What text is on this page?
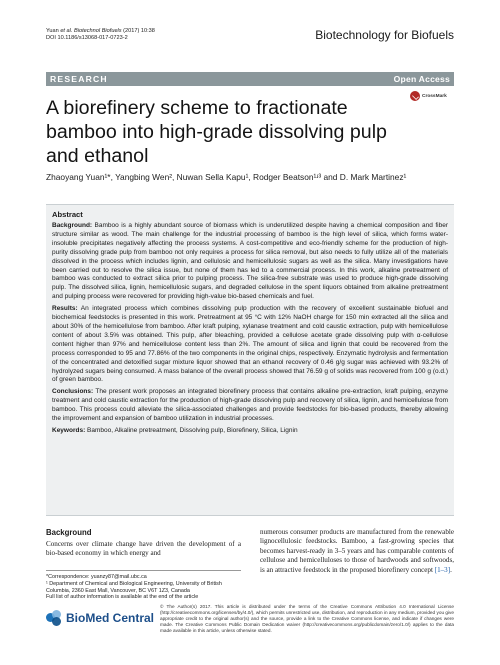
Yuan et al. Biotechnol Biofuels (2017) 10:38
DOI 10.1186/s13068-017-0723-2	Biotechnology for Biofuels
RESEARCH	Open Access
CrossMark
A biorefinery scheme to fractionate bamboo into high-grade dissolving pulp and ethanol
Zhaoyang Yuan¹*, Yangbing Wen², Nuwan Sella Kapu¹, Rodger Beatson¹ʴ³ and D. Mark Martinez¹
Abstract

Background: Bamboo is a highly abundant source of biomass which is underutilized despite having a chemical composition and fiber structure similar as wood. The main challenge for the industrial processing of bamboo is the high level of silica, which forms water-insoluble precipitates negatively affecting the process systems. A cost-competitive and eco-friendly scheme for the production of high-purity dissolving grade pulp from bamboo not only requires a process for silica removal, but also needs to fully utilize all of the materials dissolved in the process which includes lignin, and cellulosic and hemicellulosic sugars as well as the silica. Many investigations have been carried out to resolve the silica issue, but none of them has led to a commercial process. In this work, alkaline pretreatment of bamboo was conducted to extract silica prior to pulping process. The silica-free substrate was used to produce high-grade dissolving pulp. The dissolved silica, lignin, hemicellulosic sugars, and degraded cellulose in the spent liquors obtained from alkaline pretreatment and pulping process were recovered for providing high-value bio-based chemicals and fuel.

Results: An integrated process which combines dissolving pulp production with the recovery of excellent sustainable biofuel and biochemical feedstocks is presented in this work. Pretreatment at 95 °C with 12% NaOH charge for 150 min extracted all the silica and about 30% of the hemicellulose from bamboo. After kraft pulping, xylanase treatment and cold caustic extraction, pulp with hemicellulose content of about 3.5% was obtained. This pulp, after bleaching, provided a cellulose acetate grade dissolving pulp with α-cellulose content higher than 97% and hemicellulose content less than 2%. The amount of silica and lignin that could be recovered from the process corresponded to 95 and 77.86% of the two components in the original chips, respectively. Enzymatic hydrolysis and fermentation of the concentrated and detoxified sugar mixture liquor showed that an ethanol recovery of 0.46 g/g sugar was achieved with 93.2% of hydrolyzed sugars being consumed. A mass balance of the overall process showed that 76.59 g of solids was recovered from 100 g (o.d.) of green bamboo.

Conclusions: The present work proposes an integrated biorefinery process that contains alkaline pre-extraction, kraft pulping, enzyme treatment and cold caustic extraction for the production of high-grade dissolving pulp and recovery of silica, lignin, and hemicellulose from bamboo. This process could alleviate the silica-associated challenges and provide feedstocks for bio-based products, thereby allowing the improvement and expansion of bamboo utilization in industrial processes.

Keywords: Bamboo, Alkaline pretreatment, Dissolving pulp, Biorefinery, Silica, Lignin

Background

Concerns over climate change have driven the development of a bio-based economy in which energy and

numerous consumer products are manufactured from the renewable lignocellulosic feedstocks. Bamboo, a fast-growing species that becomes harvest-ready in 3–5 years and has comparable contents of cellulose and hemicelluloses to those of hardwoods and softwoods, is an attractive feedstock in the proposed biorefinery concept [1–3].

*Correspondence: yuanzy87@mail.ubc.ca
¹ Department of Chemical and Biological Engineering, University of British Columbia, 2360 East Mall, Vancouver, BC V6T 1Z3, Canada
Full list of author information is available at the end of the article
BioMed Central
© The Author(s) 2017. This article is distributed under the terms of the Creative Commons Attribution 4.0 International License (http://creativecommons.org/licenses/by/4.0/), which permits unrestricted use, distribution, and reproduction in any medium, provided you give appropriate credit to the original author(s) and the source, provide a link to the Creative Commons license, and indicate if changes were made. The Creative Commons Public Domain Dedication waiver (http://creativecommons.org/publicdomain/zero/1.0/) applies to the data made available in this article, unless otherwise stated.
